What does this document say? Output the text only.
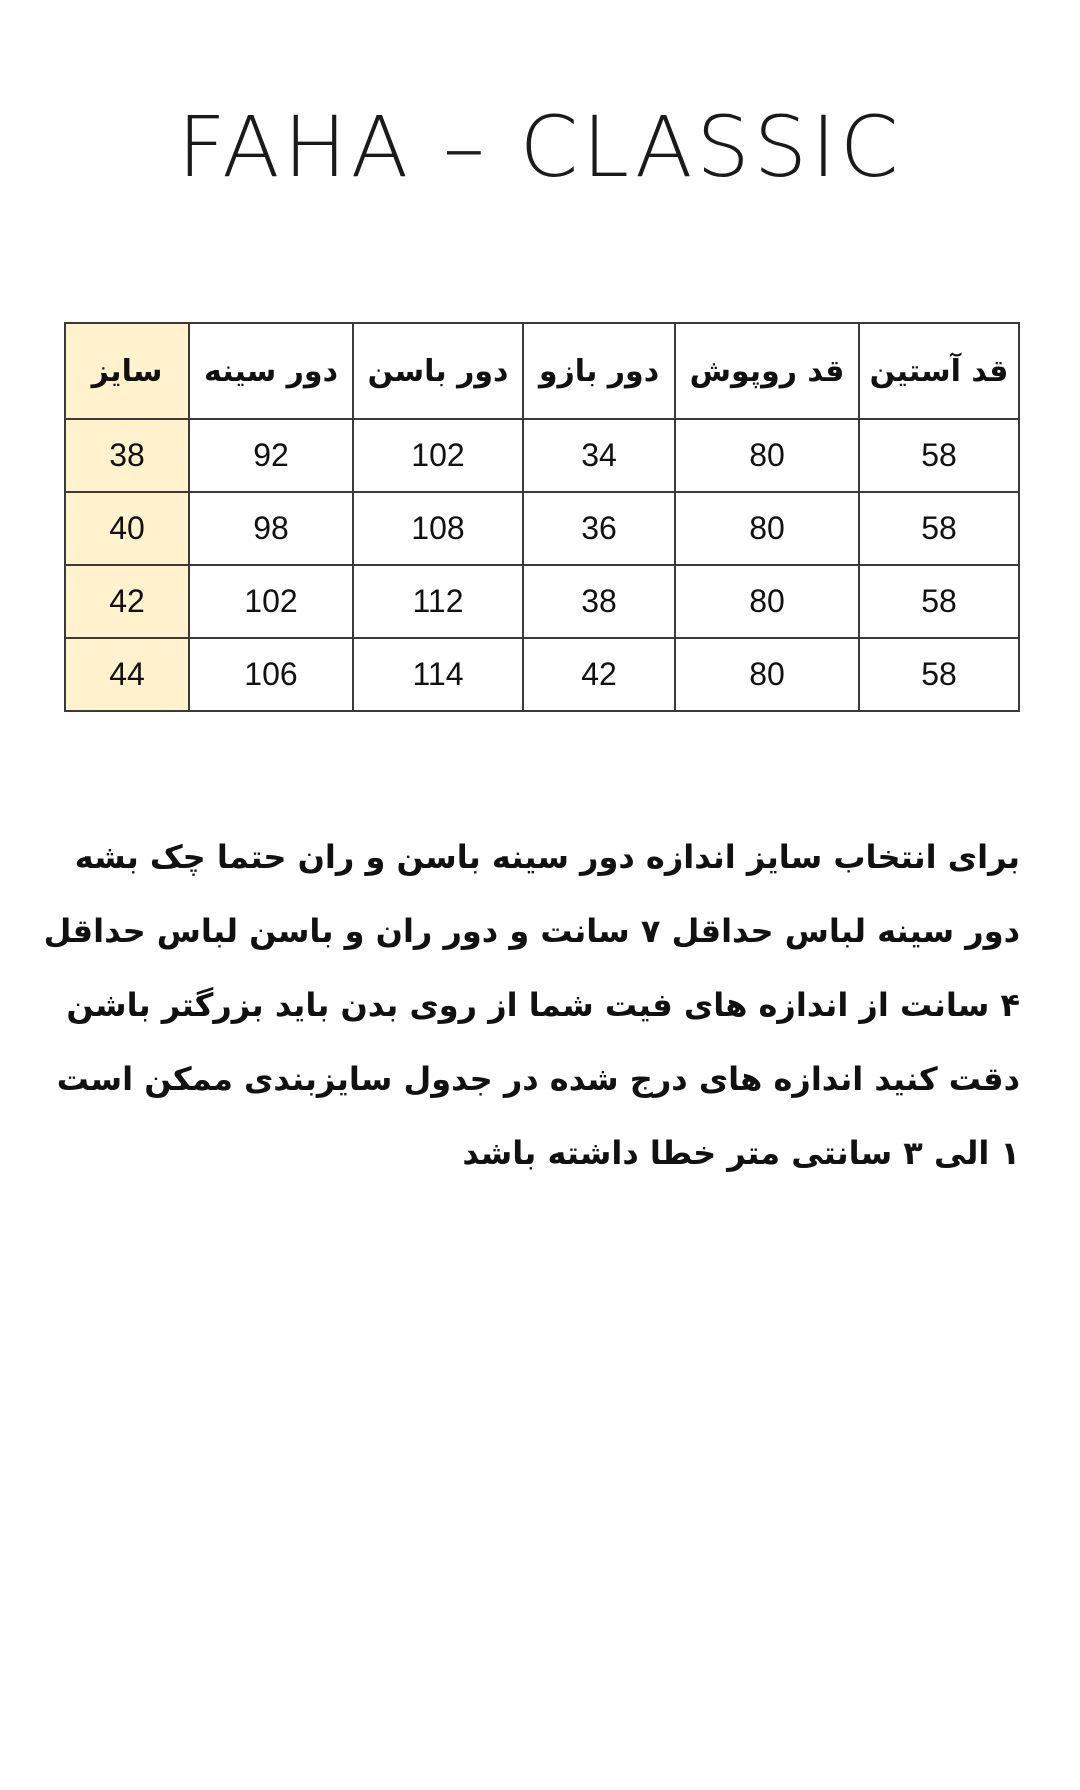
FAHA – CLASSIC
سایز	دور سینه	دور باسن	دور بازو	قد روپوش	قد آستین
38	92	102	34	80	58
40	98	108	36	80	58
42	102	112	38	80	58
44	106	114	42	80	58
برای انتخاب سایز اندازه دور سینه باسن و ران حتما چک بشه
دور سینه لباس حداقل ۷ سانت و دور ران و باسن لباس حداقل
۴ سانت از اندازه های فیت شما از روی بدن باید بزرگتر باشن
دقت کنید اندازه های درج شده در جدول سایزبندی ممکن است
۱ الی ۳ سانتی متر خطا داشته باشد
